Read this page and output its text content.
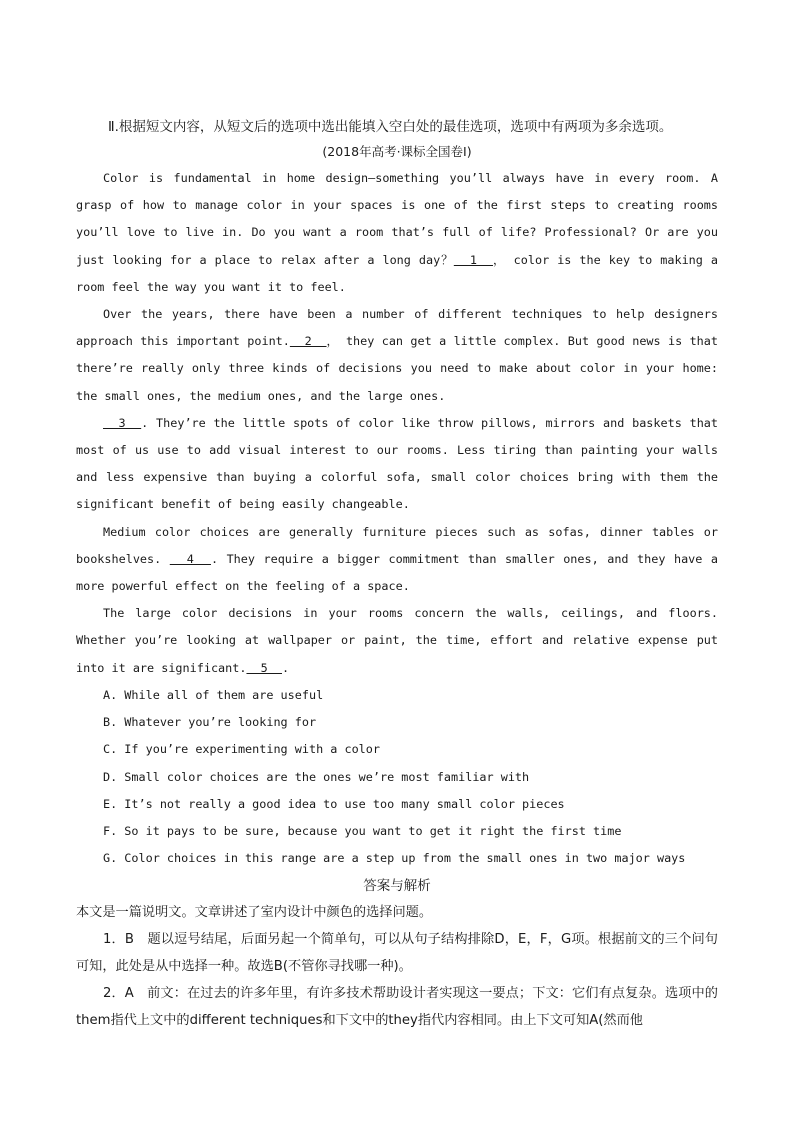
Ⅱ.根据短文内容，从短文后的选项中选出能填入空白处的最佳选项，选项中有两项为多余选项。
(2018年高考·课标全国卷Ⅰ)

Color is fundamental in home design—something you’ll always have in every room. A grasp of how to manage color in your spaces is one of the first steps to creating rooms you’ll love to live in. Do you want a room that’s full of life? Professional? Or are you just looking for a place to relax after a long day？  1  ， color is the key to making a room feel the way you want it to feel.

Over the years, there have been a number of different techniques to help designers approach this important point.  2  ， they can get a little complex. But good news is that there’re really only three kinds of decisions you need to make about color in your home: the small ones, the medium ones, and the large ones.

3  . They’re the little spots of color like throw pillows, mirrors and baskets that most of us use to add visual interest to our rooms. Less tiring than painting your walls and less expensive than buying a colorful sofa, small color choices bring with them the significant benefit of being easily changeable.

Medium color choices are generally furniture pieces such as sofas, dinner tables or bookshelves.   4  . They require a bigger commitment than smaller ones, and they have a more powerful effect on the feeling of a space.

The large color decisions in your rooms concern the walls, ceilings, and floors. Whether you’re looking at wallpaper or paint, the time, effort and relative expense put into it are significant.  5  .

A. While all of them are useful
B. Whatever you’re looking for
C. If you’re experimenting with a color
D. Small color choices are the ones we’re most familiar with
E. It’s not really a good idea to use too many small color pieces
F. So it pays to be sure, because you want to get it right the first time
G. Color choices in this range are a step up from the small ones in two major ways
答案与解析
本文是一篇说明文。文章讲述了室内设计中颜色的选择问题。

1．B　题以逗号结尾，后面另起一个简单句，可以从句子结构排除D，E，F，G项。根据前文的三个问句可知，此处是从中选择一种。故选B(不管你寻找哪一种)。

2．A　前文：在过去的许多年里，有许多技术帮助设计者实现这一要点；下文：它们有点复杂。选项中的them指代上文中的different techniques和下文中的they指代内容相同。由上下文可知A(然而他
